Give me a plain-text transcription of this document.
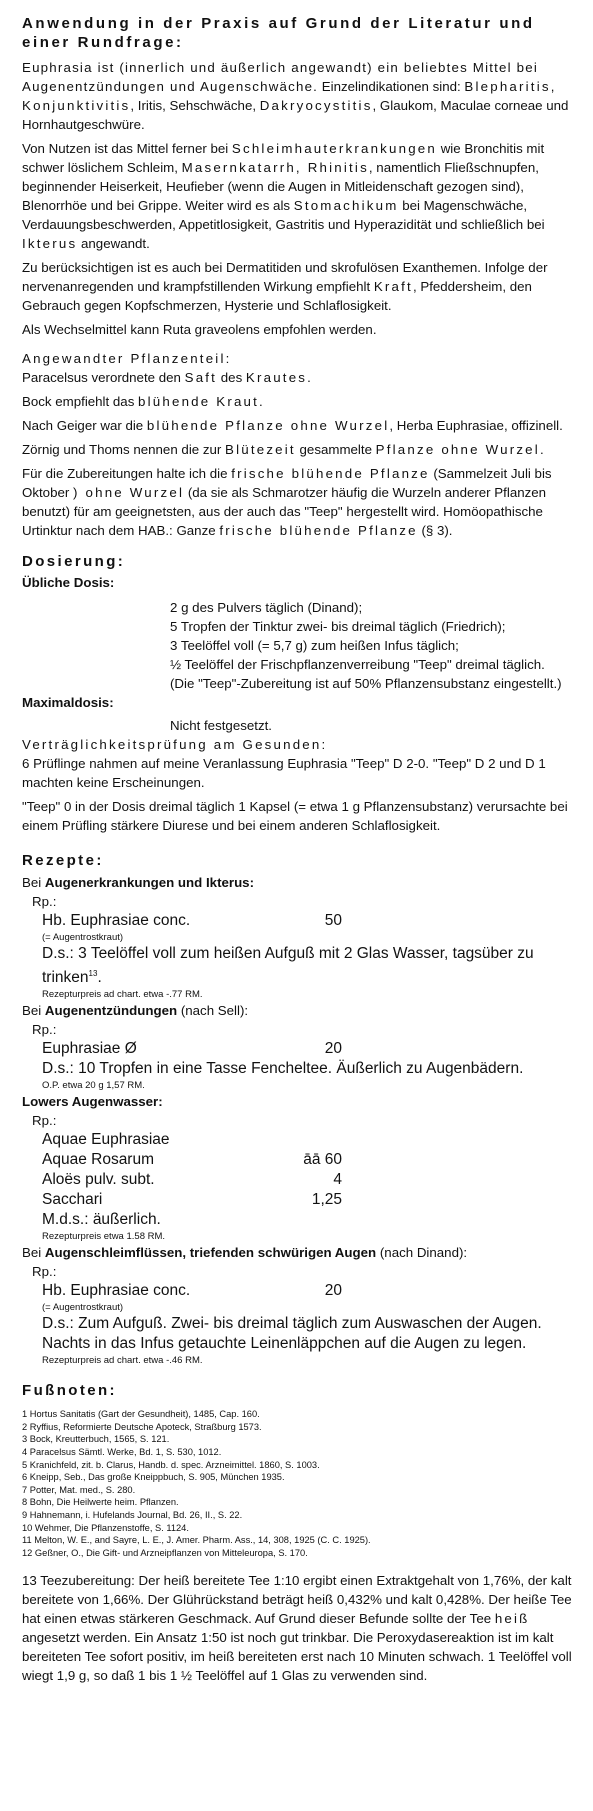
Anwendung in der Praxis auf Grund der Literatur und einer Rundfrage:

Euphrasia ist (innerlich und äußerlich angewandt) ein beliebtes Mittel bei Augenentzündungen und Augenschwäche. Einzelindikationen sind: Blepharitis, Konjunktivitis, Iritis, Sehschwäche, Dakryocystitis, Glaukom, Maculae corneae und Hornhautgeschwüre.

Von Nutzen ist das Mittel ferner bei Schleimhauterkrankungen wie Bronchitis mit schwer löslichem Schleim, Masernkatarrh, Rhinitis, namentlich Fließschnupfen, beginnender Heiserkeit, Heufieber (wenn die Augen in Mitleidenschaft gezogen sind), Blenorrhöe und bei Grippe. Weiter wird es als Stomachikum bei Magenschwäche, Verdauungsbeschwerden, Appetitlosigkeit, Gastritis und Hyperazidität und schließlich bei Ikterus angewandt.

Zu berücksichtigen ist es auch bei Dermatitiden und skrofulösen Exanthemen. Infolge der nervenanregenden und krampfstillenden Wirkung empfiehlt Kraft, Pfeddersheim, den Gebrauch gegen Kopfschmerzen, Hysterie und Schlaflosigkeit.

Als Wechselmittel kann Ruta graveolens empfohlen werden.

Angewandter Pflanzenteil:

Paracelsus verordnete den Saft des Krautes.

Bock empfiehlt das blühende Kraut.

Nach Geiger war die blühende Pflanze ohne Wurzel, Herba Euphrasiae, offizinell.

Zörnig und Thoms nennen die zur Blütezeit gesammelte Pflanze ohne Wurzel.

Für die Zubereitungen halte ich die frische blühende Pflanze (Sammelzeit Juli bis Oktober ) ohne Wurzel (da sie als Schmarotzer häufig die Wurzeln anderer Pflanzen benutzt) für am geeignetsten, aus der auch das "Teep" hergestellt wird. Homöopathische Urtinktur nach dem HAB.: Ganze frische blühende Pflanze (§ 3).

Dosierung:

Übliche Dosis:

2 g des Pulvers täglich (Dinand);

5 Tropfen der Tinktur zwei- bis dreimal täglich (Friedrich);

3 Teelöffel voll (= 5,7 g) zum heißen Infus täglich;

½ Teelöffel der Frischpflanzenverreibung "Teep" dreimal täglich.

(Die "Teep"-Zubereitung ist auf 50% Pflanzensubstanz eingestellt.)

Maximaldosis:

Nicht festgesetzt.

Verträglichkeitsprüfung am Gesunden:

6 Prüflinge nahmen auf meine Veranlassung Euphrasia "Teep" D 2-0. "Teep" D 2 und D 1 machten keine Erscheinungen.

"Teep" 0 in der Dosis dreimal täglich 1 Kapsel (= etwa 1 g Pflanzensubstanz) verursachte bei einem Prüfling stärkere Diurese und bei einem anderen Schlaflosigkeit.

Rezepte:

Bei Augenerkrankungen und Ikterus:

Rp.:

Hb. Euphrasiae conc.	50

(= Augentrostkraut)

D.s.: 3 Teelöffel voll zum heißen Aufguß mit 2 Glas Wasser, tagsüber zu trinken$^{13}$.

Rezepturpreis ad chart. etwa -.77 RM.

Bei Augenentzündungen (nach Sell):

Rp.:

Euphrasiae Ø	20

D.s.: 10 Tropfen in eine Tasse Fencheltee. Äußerlich zu Augenbädern.

O.P. etwa 20 g 1,57 RM.

Lowers Augenwasser:

Rp.:

Aquae Euphrasiae
Aquae Rosarum	āā 60
Aloës pulv. subt.	4
Sacchari	1,25

M.d.s.: äußerlich.

Rezepturpreis etwa 1.58 RM.

Bei Augenschleimflüssen, triefenden schwürigen Augen (nach Dinand):

Rp.:

Hb. Euphrasiae conc.	20

(= Augentrostkraut)

D.s.: Zum Aufguß. Zwei- bis dreimal täglich zum Auswaschen der Augen. Nachts in das Infus getauchte Leinenläppchen auf die Augen zu legen.

Rezepturpreis ad chart. etwa -.46 RM.

Fußnoten:

1 Hortus Sanitatis (Gart der Gesundheit), 1485, Cap. 160.

2 Ryffius, Reformierte Deutsche Apoteck, Straßburg 1573.

3 Bock, Kreutterbuch, 1565, S. 121.

4 Paracelsus Sämtl. Werke, Bd. 1, S. 530, 1012.

5 Kranichfeld, zit. b. Clarus, Handb. d. spec. Arzneimittel. 1860, S. 1003.

6 Kneipp, Seb., Das große Kneippbuch, S. 905, München 1935.

7 Potter, Mat. med., S. 280.

8 Bohn, Die Heilwerte heim. Pflanzen.

9 Hahnemann, i. Hufelands Journal, Bd. 26, II., S. 22.

10 Wehmer, Die Pflanzenstoffe, S. 1124.

11 Melton, W. E., and Sayre, L. E., J. Amer. Pharm. Ass., 14, 308, 1925 (C. C. 1925).

12 Geßner, O., Die Gift- und Arzneipflanzen von Mitteleuropa, S. 170.

13 Teezubereitung: Der heiß bereitete Tee 1:10 ergibt einen Extraktgehalt von 1,76%, der kalt bereitete von 1,66%. Der Glührückstand beträgt heiß 0,432% und kalt 0,428%. Der heiße Tee hat einen etwas stärkeren Geschmack. Auf Grund dieser Befunde sollte der Tee heiß angesetzt werden. Ein Ansatz 1:50 ist noch gut trinkbar. Die Peroxydasereaktion ist im kalt bereiteten Tee sofort positiv, im heiß bereiteten erst nach 10 Minuten schwach. 1 Teelöffel voll wiegt 1,9 g, so daß 1 bis 1 ½ Teelöffel auf 1 Glas zu verwenden sind.
